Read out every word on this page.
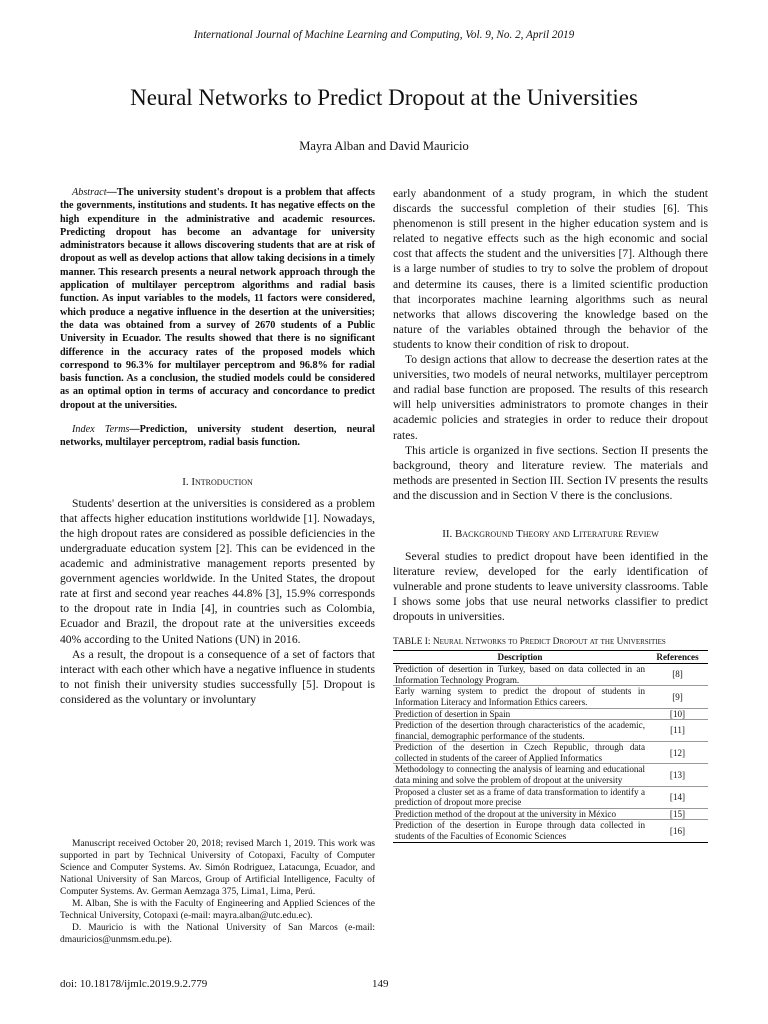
International Journal of Machine Learning and Computing, Vol. 9, No. 2, April 2019
Neural Networks to Predict Dropout at the Universities
Mayra Alban and David Mauricio

Abstract—The university student's dropout is a problem that affects the governments, institutions and students. It has negative effects on the high expenditure in the administrative and academic resources. Predicting dropout has become an advantage for university administrators because it allows discovering students that are at risk of dropout as well as develop actions that allow taking decisions in a timely manner. This research presents a neural network approach through the application of multilayer perceptrom algorithms and radial basis function. As input variables to the models, 11 factors were considered, which produce a negative influence in the desertion at the universities; the data was obtained from a survey of 2670 students of a Public University in Ecuador. The results showed that there is no significant difference in the accuracy rates of the proposed models which correspond to 96.3% for multilayer perceptrom and 96.8% for radial basis function. As a conclusion, the studied models could be considered as an optimal option in terms of accuracy and concordance to predict dropout at the universities.

Index Terms—Prediction, university student desertion, neural networks, multilayer perceptrom, radial basis function.

I. Introduction

Students' desertion at the universities is considered as a problem that affects higher education institutions worldwide [1]. Nowadays, the high dropout rates are considered as possible deficiencies in the undergraduate education system [2]. This can be evidenced in the academic and administrative management reports presented by government agencies worldwide. In the United States, the dropout rate at first and second year reaches 44.8% [3], 15.9% corresponds to the dropout rate in India [4], in countries such as Colombia, Ecuador and Brazil, the dropout rate at the universities exceeds 40% according to the United Nations (UN) in 2016.

As a result, the dropout is a consequence of a set of factors that interact with each other which have a negative influence in students to not finish their university studies successfully [5]. Dropout is considered as the voluntary or involuntary

early abandonment of a study program, in which the student discards the successful completion of their studies [6]. This phenomenon is still present in the higher education system and is related to negative effects such as the high economic and social cost that affects the student and the universities [7]. Although there is a large number of studies to try to solve the problem of dropout and determine its causes, there is a limited scientific production that incorporates machine learning algorithms such as neural networks that allows discovering the knowledge based on the nature of the variables obtained through the behavior of the students to know their condition of risk to dropout.

To design actions that allow to decrease the desertion rates at the universities, two models of neural networks, multilayer perceptrom and radial base function are proposed. The results of this research will help universities administrators to promote changes in their academic policies and strategies in order to reduce their dropout rates.

This article is organized in five sections. Section II presents the background, theory and literature review. The materials and methods are presented in Section III. Section IV presents the results and the discussion and in Section V there is the conclusions.

II. Background Theory and Literature Review

Several studies to predict dropout have been identified in the literature review, developed for the early identification of vulnerable and prone students to leave university classrooms. Table I shows some jobs that use neural networks classifier to predict dropouts in universities.

TABLE I: Neural Networks to Predict Dropout at the Universities
Description	References
Prediction of desertion in Turkey, based on data collected in an Information Technology Program.	[8]
Early warning system to predict the dropout of students in Information Literacy and Information Ethics careers.	[9]
Prediction of desertion in Spain	[10]
Prediction of the desertion through characteristics of the academic, financial, demographic performance of the students.	[11]
Prediction of the desertion in Czech Republic, through data collected in students of the career of Applied Informatics	[12]
Methodology to connecting the analysis of learning and educational data mining and solve the problem of dropout at the university	[13]
Proposed a cluster set as a frame of data transformation to identify a prediction of dropout more precise	[14]
Prediction method of the dropout at the university in México	[15]
Prediction of the desertion in Europe through data collected in students of the Faculties of Economic Sciences	[16]

Manuscript received October 20, 2018; revised March 1, 2019. This work was supported in part by Technical University of Cotopaxi, Faculty of Computer Science and Computer Systems. Av. Simón Rodriguez, Latacunga, Ecuador, and National University of San Marcos, Group of Artificial Intelligence, Faculty of Computer Systems. Av. German Aemzaga 375, Lima1, Lima, Perú.

M. Alban, She is with the Faculty of Engineering and Applied Sciences of the Technical University, Cotopaxi (e-mail: mayra.alban@utc.edu.ec).

D. Mauricio is with the National University of San Marcos (e-mail: dmauricios@unmsm.edu.pe).

doi: 10.18178/ijmlc.2019.9.2.779	149
